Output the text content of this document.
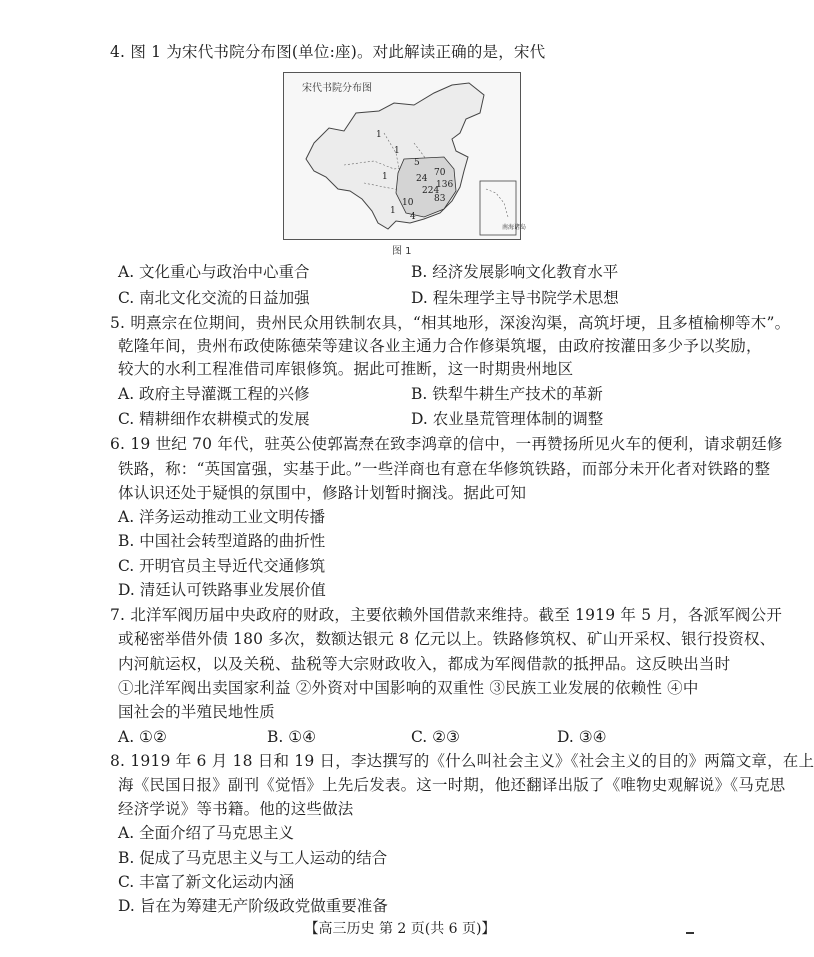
4. 图 1 为宋代书院分布图(单位:座)。对此解读正确的是，宋代
宋代书院分布图
1
1
5
70
136
24
224
83
10
1
4
1
南海诸岛
图 1
A. 文化重心与政治中心重合	B. 经济发展影响文化教育水平
C. 南北文化交流的日益加强	D. 程朱理学主导书院学术思想
5. 明熹宗在位期间，贵州民众用铁制农具，“相其地形，深浚沟渠，高筑圩埂，且多植榆柳等木”。
乾隆年间，贵州布政使陈德荣等建议各业主通力合作修渠筑堰，由政府按灌田多少予以奖励，
较大的水利工程准借司库银修筑。据此可推断，这一时期贵州地区
A. 政府主导灌溉工程的兴修	B. 铁犁牛耕生产技术的革新
C. 精耕细作农耕模式的发展	D. 农业垦荒管理体制的调整
6. 19 世纪 70 年代，驻英公使郭嵩焘在致李鸿章的信中，一再赞扬所见火车的便利，请求朝廷修
铁路，称：“英国富强，实基于此。”一些洋商也有意在华修筑铁路，而部分未开化者对铁路的整
体认识还处于疑惧的氛围中，修路计划暂时搁浅。据此可知
A. 洋务运动推动工业文明传播
B. 中国社会转型道路的曲折性
C. 开明官员主导近代交通修筑
D. 清廷认可铁路事业发展价值
7. 北洋军阀历届中央政府的财政，主要依赖外国借款来维持。截至 1919 年 5 月，各派军阀公开
或秘密举借外债 180 多次，数额达银元 8 亿元以上。铁路修筑权、矿山开采权、银行投资权、
内河航运权，以及关税、盐税等大宗财政收入，都成为军阀借款的抵押品。这反映出当时
①北洋军阀出卖国家利益 ②外资对中国影响的双重性 ③民族工业发展的依赖性 ④中
国社会的半殖民地性质
A. ①②	B. ①④	C. ②③	D. ③④
8. 1919 年 6 月 18 日和 19 日，李达撰写的《什么叫社会主义》《社会主义的目的》两篇文章，在上
海《民国日报》副刊《觉悟》上先后发表。这一时期，他还翻译出版了《唯物史观解说》《马克思
经济学说》等书籍。他的这些做法
A. 全面介绍了马克思主义
B. 促成了马克思主义与工人运动的结合
C. 丰富了新文化运动内涵
D. 旨在为筹建无产阶级政党做重要准备
【高三历史 第 2 页(共 6 页)】
